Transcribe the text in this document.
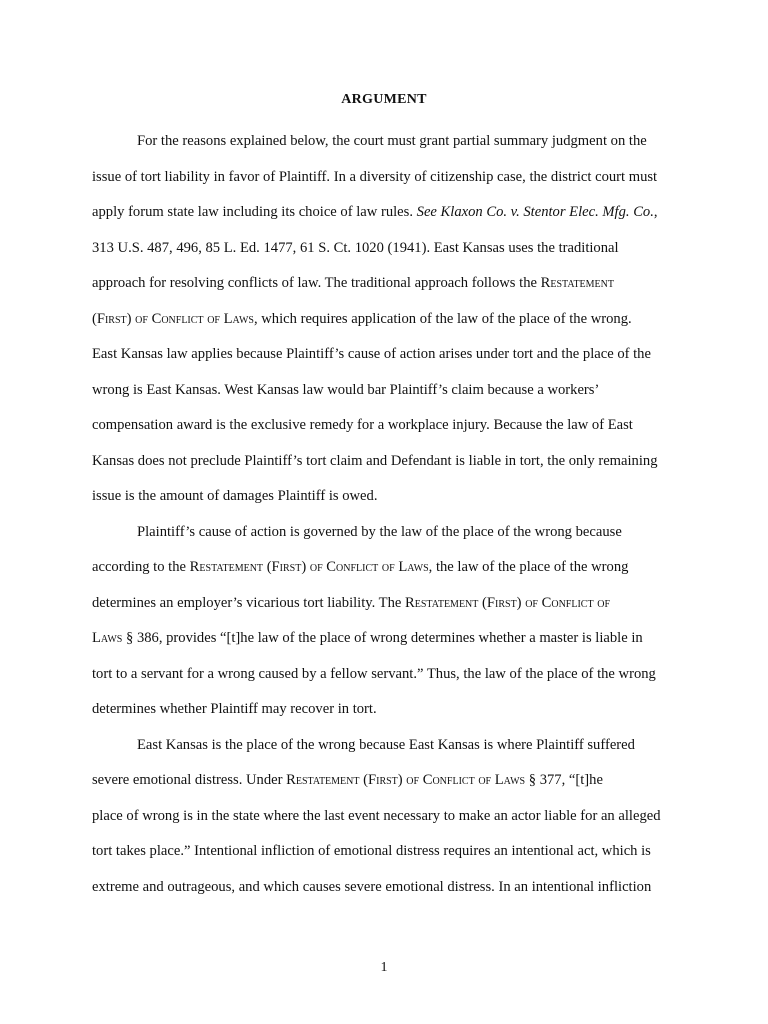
ARGUMENT
For the reasons explained below, the court must grant partial summary judgment on the
issue of tort liability in favor of Plaintiff. In a diversity of citizenship case, the district court must
apply forum state law including its choice of law rules. See Klaxon Co. v. Stentor Elec. Mfg. Co.,
313 U.S. 487, 496, 85 L. Ed. 1477, 61 S. Ct. 1020 (1941). East Kansas uses the traditional
approach for resolving conflicts of law. The traditional approach follows the Restatement
(First) of Conflict of Laws, which requires application of the law of the place of the wrong.
East Kansas law applies because Plaintiff’s cause of action arises under tort and the place of the
wrong is East Kansas. West Kansas law would bar Plaintiff’s claim because a workers’
compensation award is the exclusive remedy for a workplace injury. Because the law of East
Kansas does not preclude Plaintiff’s tort claim and Defendant is liable in tort, the only remaining
issue is the amount of damages Plaintiff is owed.
Plaintiff’s cause of action is governed by the law of the place of the wrong because
according to the Restatement (First) of Conflict of Laws, the law of the place of the wrong
determines an employer’s vicarious tort liability. The Restatement (First) of Conflict of
Laws § 386, provides “[t]he law of the place of wrong determines whether a master is liable in
tort to a servant for a wrong caused by a fellow servant.” Thus, the law of the place of the wrong
determines whether Plaintiff may recover in tort.
East Kansas is the place of the wrong because East Kansas is where Plaintiff suffered
severe emotional distress. Under Restatement (First) of Conflict of Laws § 377, “[t]he
place of wrong is in the state where the last event necessary to make an actor liable for an alleged
tort takes place.” Intentional infliction of emotional distress requires an intentional act, which is
extreme and outrageous, and which causes severe emotional distress. In an intentional infliction
1
